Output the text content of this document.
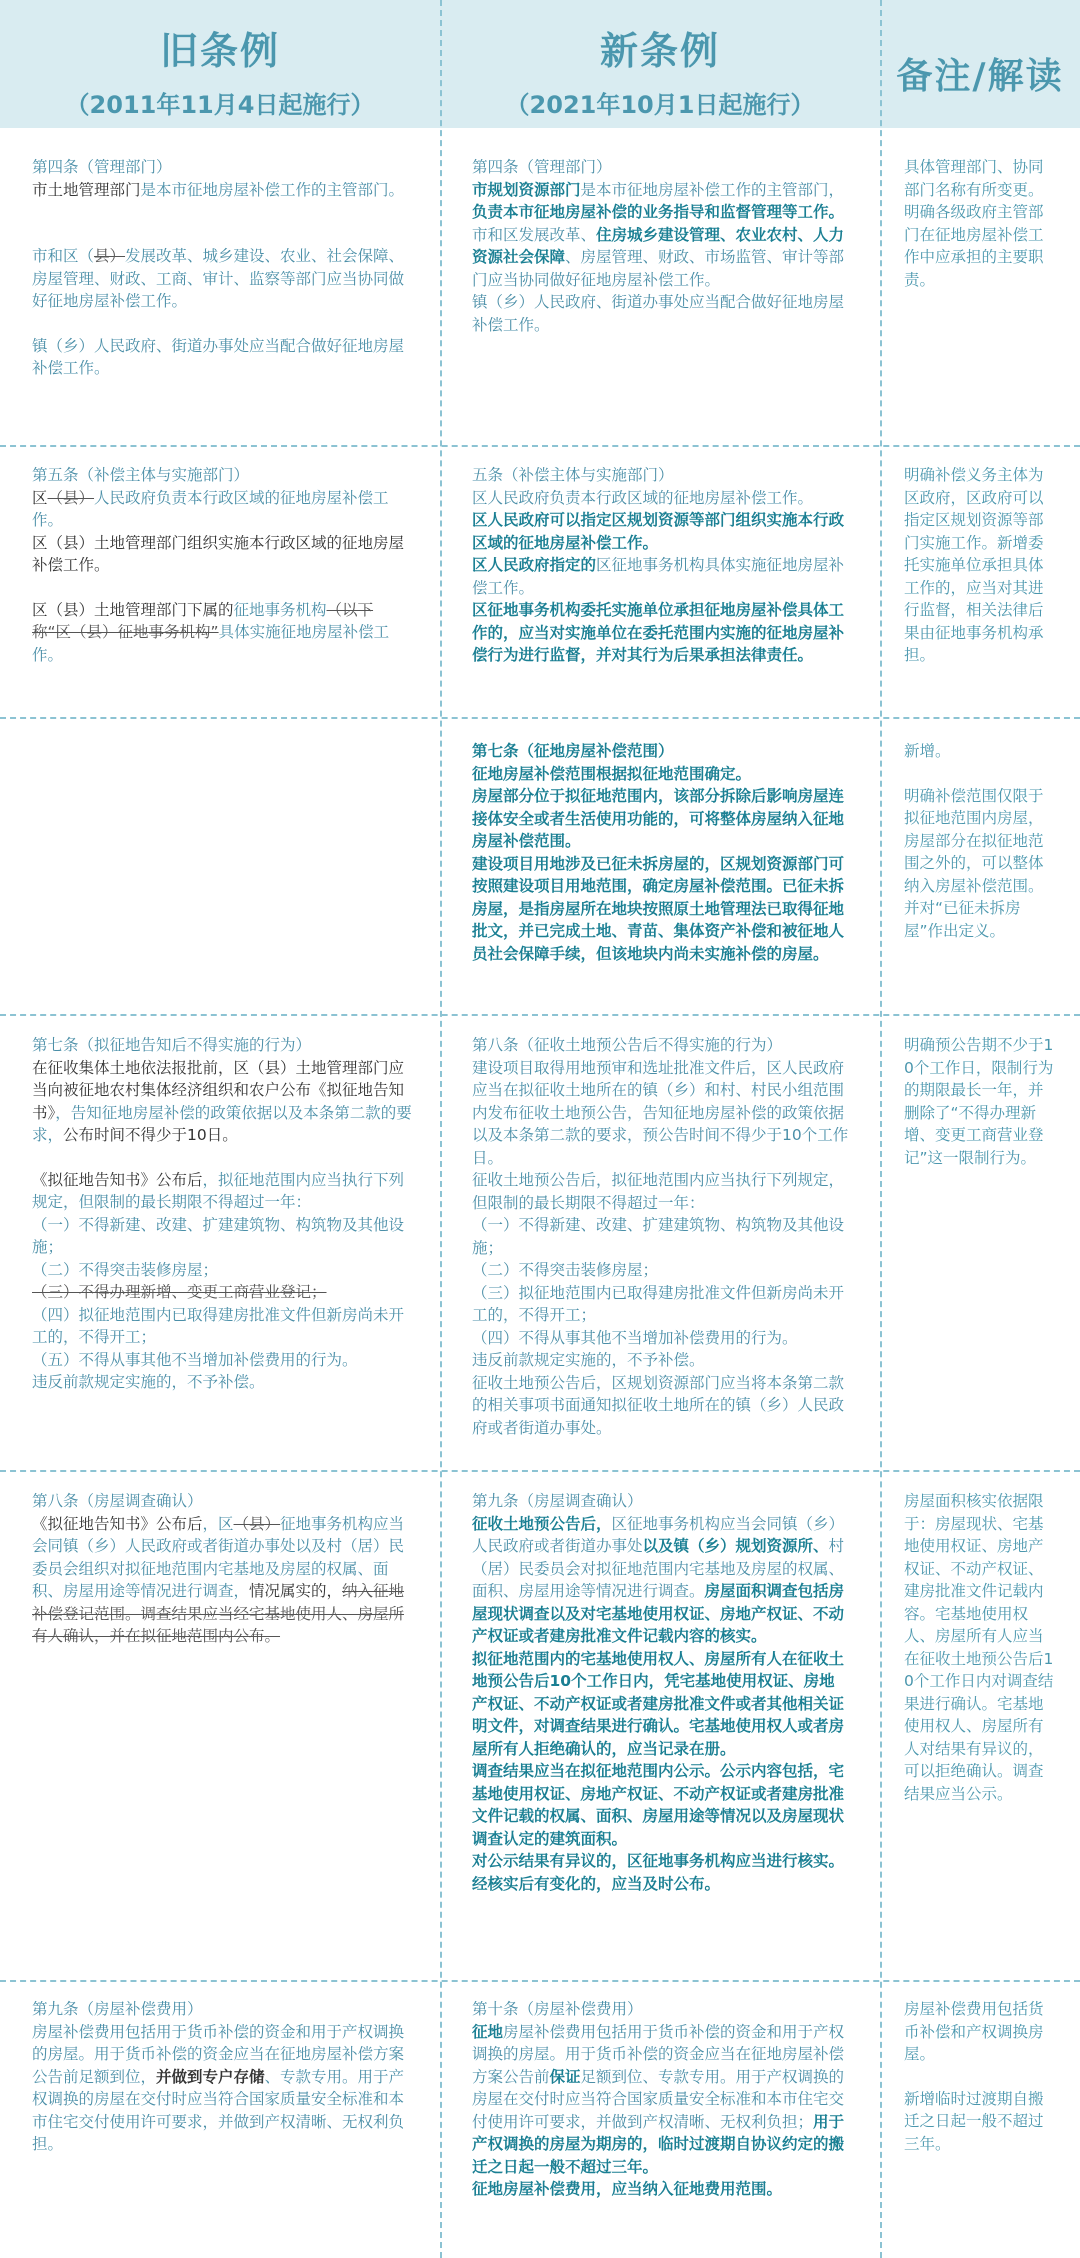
旧条例
（2011年11月4日起施行）
新条例
（2021年10月1日起施行）
备注/解读

第四条（管理部门）

市土地管理部门是本市征地房屋补偿工作的主管部门。

市和区（县）发展改革、城乡建设、农业、社会保障、房屋管理、财政、工商、审计、监察等部门应当协同做好征地房屋补偿工作。

镇（乡）人民政府、街道办事处应当配合做好征地房屋补偿工作。

第四条（管理部门）

市规划资源部门是本市征地房屋补偿工作的主管部门，负责本市征地房屋补偿的业务指导和监督管理等工作。

市和区发展改革、住房城乡建设管理、农业农村、人力资源社会保障、房屋管理、财政、市场监管、审计等部门应当协同做好征地房屋补偿工作。

镇（乡）人民政府、街道办事处应当配合做好征地房屋补偿工作。

具体管理部门、协同部门名称有所变更。明确各级政府主管部门在征地房屋补偿工作中应承担的主要职责。

第五条（补偿主体与实施部门）

区（县）人民政府负责本行政区域的征地房屋补偿工作。

区（县）土地管理部门组织实施本行政区域的征地房屋补偿工作。

区（县）土地管理部门下属的征地事务机构（以下称“区（县）征地事务机构”具体实施征地房屋补偿工作。

五条（补偿主体与实施部门）

区人民政府负责本行政区域的征地房屋补偿工作。

区人民政府可以指定区规划资源等部门组织实施本行政区域的征地房屋补偿工作。

区人民政府指定的区征地事务机构具体实施征地房屋补偿工作。

区征地事务机构委托实施单位承担征地房屋补偿具体工作的，应当对实施单位在委托范围内实施的征地房屋补偿行为进行监督，并对其行为后果承担法律责任。

明确补偿义务主体为区政府，区政府可以指定区规划资源等部门实施工作。新增委托实施单位承担具体工作的，应当对其进行监督，相关法律后果由征地事务机构承担。

第七条（征地房屋补偿范围）

征地房屋补偿范围根据拟征地范围确定。

房屋部分位于拟征地范围内，该部分拆除后影响房屋连接体安全或者生活使用功能的，可将整体房屋纳入征地房屋补偿范围。

建设项目用地涉及已征未拆房屋的，区规划资源部门可按照建设项目用地范围，确定房屋补偿范围。已征未拆房屋，是指房屋所在地块按照原土地管理法已取得征地批文，并已完成土地、青苗、集体资产补偿和被征地人员社会保障手续，但该地块内尚未实施补偿的房屋。

新增。

明确补偿范围仅限于拟征地范围内房屋，房屋部分在拟征地范围之外的，可以整体纳入房屋补偿范围。并对“已征未拆房屋”作出定义。

第七条（拟征地告知后不得实施的行为）

在征收集体土地依法报批前，区（县）土地管理部门应当向被征地农村集体经济组织和农户公布《拟征地告知书》，告知征地房屋补偿的政策依据以及本条第二款的要求，公布时间不得少于10日。

《拟征地告知书》公布后，拟征地范围内应当执行下列规定，但限制的最长期限不得超过一年：

（一）不得新建、改建、扩建建筑物、构筑物及其他设施；

（二）不得突击装修房屋；

（三）不得办理新增、变更工商营业登记；

（四）拟征地范围内已取得建房批准文件但新房尚未开工的，不得开工；

（五）不得从事其他不当增加补偿费用的行为。

违反前款规定实施的，不予补偿。

第八条（征收土地预公告后不得实施的行为）

建设项目取得用地预审和选址批准文件后，区人民政府应当在拟征收土地所在的镇（乡）和村、村民小组范围内发布征收土地预公告，告知征地房屋补偿的政策依据以及本条第二款的要求，预公告时间不得少于10个工作日。

征收土地预公告后，拟征地范围内应当执行下列规定，但限制的最长期限不得超过一年：

（一）不得新建、改建、扩建建筑物、构筑物及其他设施；

（二）不得突击装修房屋；

（三）拟征地范围内已取得建房批准文件但新房尚未开工的，不得开工；

（四）不得从事其他不当增加补偿费用的行为。

违反前款规定实施的，不予补偿。

征收土地预公告后，区规划资源部门应当将本条第二款的相关事项书面通知拟征收土地所在的镇（乡）人民政府或者街道办事处。

明确预公告期不少于10个工作日，限制行为的期限最长一年，并删除了“不得办理新增、变更工商营业登记”这一限制行为。

第八条（房屋调查确认）

《拟征地告知书》公布后，区（县）征地事务机构应当会同镇（乡）人民政府或者街道办事处以及村（居）民委员会组织对拟征地范围内宅基地及房屋的权属、面积、房屋用途等情况进行调查，情况属实的，纳入征地补偿登记范围。调查结果应当经宅基地使用人、房屋所有人确认，并在拟征地范围内公布。

第九条（房屋调查确认）

征收土地预公告后，区征地事务机构应当会同镇（乡）人民政府或者街道办事处以及镇（乡）规划资源所、村（居）民委员会对拟征地范围内宅基地及房屋的权属、面积、房屋用途等情况进行调查。房屋面积调查包括房屋现状调查以及对宅基地使用权证、房地产权证、不动产权证或者建房批准文件记载内容的核实。

拟征地范围内的宅基地使用权人、房屋所有人在征收土地预公告后10个工作日内，凭宅基地使用权证、房地产权证、不动产权证或者建房批准文件或者其他相关证明文件，对调查结果进行确认。宅基地使用权人或者房屋所有人拒绝确认的，应当记录在册。

调查结果应当在拟征地范围内公示。公示内容包括，宅基地使用权证、房地产权证、不动产权证或者建房批准文件记载的权属、面积、房屋用途等情况以及房屋现状调查认定的建筑面积。

对公示结果有异议的，区征地事务机构应当进行核实。经核实后有变化的，应当及时公布。

房屋面积核实依据限于：房屋现状、宅基地使用权证、房地产权证、不动产权证、建房批准文件记载内容。宅基地使用权人、房屋所有人应当在征收土地预公告后10个工作日内对调查结果进行确认。宅基地使用权人、房屋所有人对结果有异议的，可以拒绝确认。调查结果应当公示。

第九条（房屋补偿费用）

房屋补偿费用包括用于货币补偿的资金和用于产权调换的房屋。用于货币补偿的资金应当在征地房屋补偿方案公告前足额到位，并做到专户存储、专款专用。用于产权调换的房屋在交付时应当符合国家质量安全标准和本市住宅交付使用许可要求，并做到产权清晰、无权利负担。

第十条（房屋补偿费用）

征地房屋补偿费用包括用于货币补偿的资金和用于产权调换的房屋。用于货币补偿的资金应当在征地房屋补偿方案公告前保证足额到位、专款专用。用于产权调换的房屋在交付时应当符合国家质量安全标准和本市住宅交付使用许可要求，并做到产权清晰、无权利负担；用于产权调换的房屋为期房的，临时过渡期自协议约定的搬迁之日起一般不超过三年。

征地房屋补偿费用，应当纳入征地费用范围。

房屋补偿费用包括货币补偿和产权调换房屋。

新增临时过渡期自搬迁之日起一般不超过三年。
